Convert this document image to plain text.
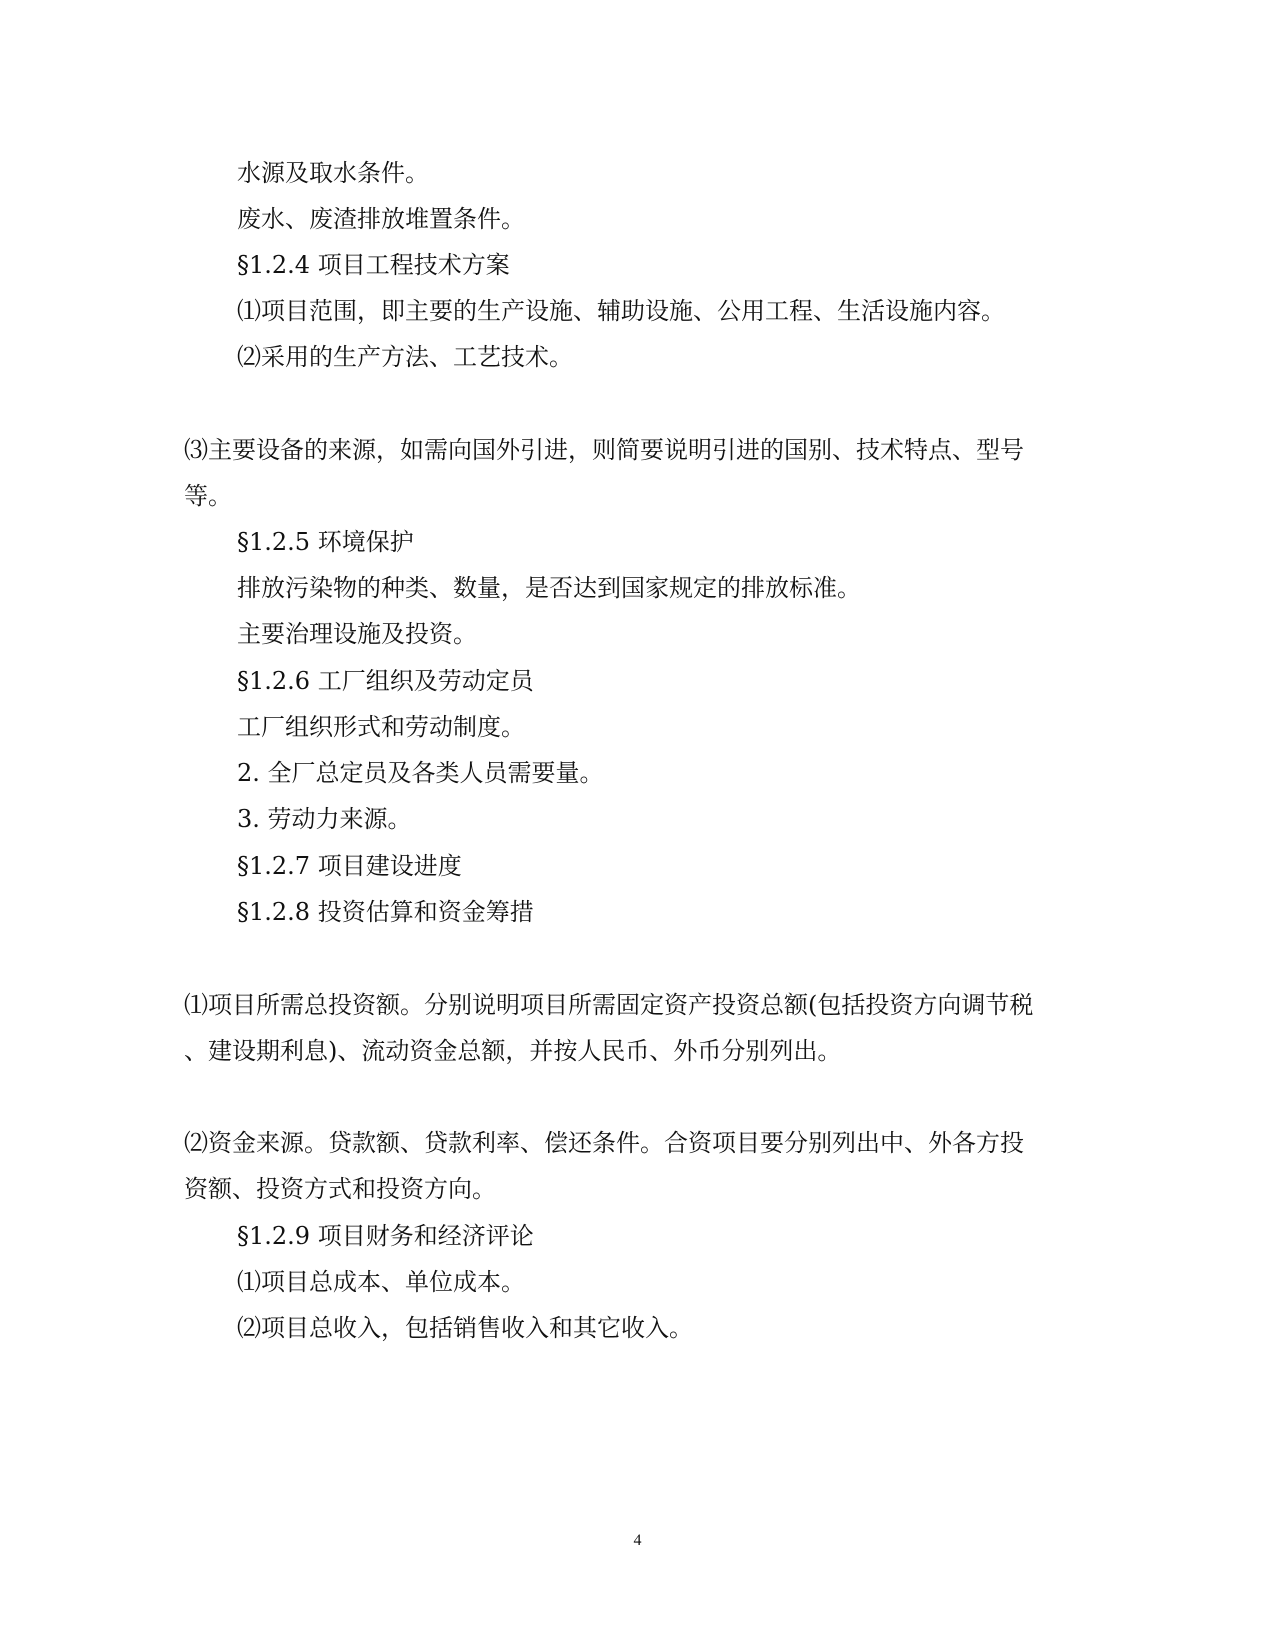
水源及取水条件。
废水、废渣排放堆置条件。
§1.2.4 项目工程技术方案
⑴项目范围，即主要的生产设施、辅助设施、公用工程、生活设施内容。
⑵采用的生产方法、工艺技术。
⑶主要设备的来源，如需向国外引进，则简要说明引进的国别、技术特点、型号
等。
§1.2.5 环境保护
排放污染物的种类、数量，是否达到国家规定的排放标准。
主要治理设施及投资。
§1.2.6 工厂组织及劳动定员
工厂组织形式和劳动制度。
2. 全厂总定员及各类人员需要量。
3. 劳动力来源。
§1.2.7 项目建设进度
§1.2.8 投资估算和资金筹措
⑴项目所需总投资额。分别说明项目所需固定资产投资总额(包括投资方向调节税
、建设期利息)、流动资金总额，并按人民币、外币分别列出。
⑵资金来源。贷款额、贷款利率、偿还条件。合资项目要分别列出中、外各方投
资额、投资方式和投资方向。
§1.2.9 项目财务和经济评论
⑴项目总成本、单位成本。
⑵项目总收入，包括销售收入和其它收入。
4
